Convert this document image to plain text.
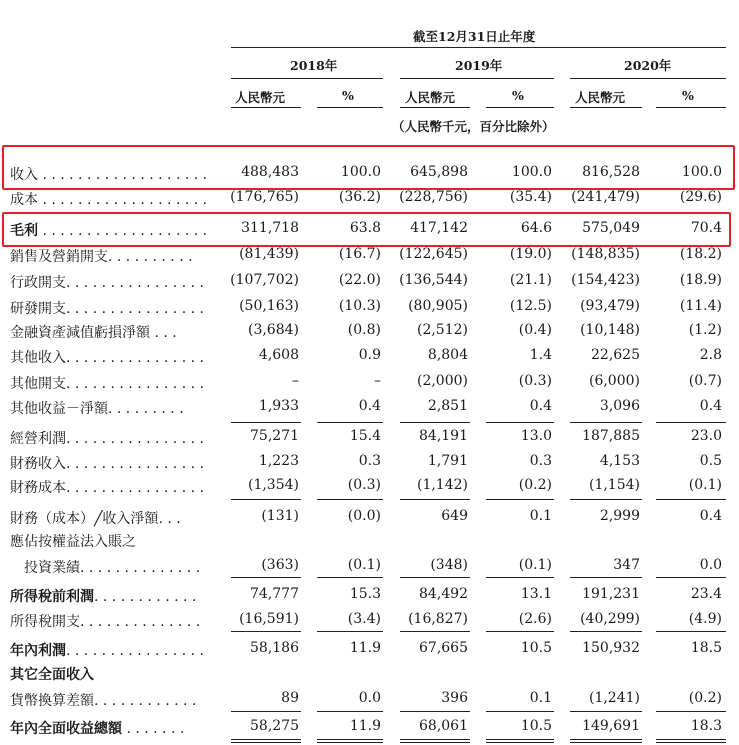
截至12月31日止年度
2018年	2019年	2020年
人民幣元	%	人民幣元	%	人民幣元	%
（人民幣千元，百分比除外）
收入 . . . . . . . . . . . . . . . . . . .	488,483	100.0 645,898	100.0 816,528	100.0
成本 . . . . . . . . . . . . . . . . . . .	(176,765)	(36.2) (228,756)	(35.4) (241,479)	(29.6)
毛利 . . . . . . . . . . . . . . . . . . .	311,718	63.8 417,142	64.6 575,049	70.4
銷售及營銷開支. . . . . . . . . .	(81,439)	(16.7) (122,645)	(19.0) (148,835)	(18.2)
行政開支. . . . . . . . . . . . . . . .	(107,702)	(22.0) (136,544)	(21.1) (154,423)	(18.9)
研發開支. . . . . . . . . . . . . . . .	(50,163)	(10.3) (80,905)	(12.5) (93,479)	(11.4)
金融資產減值虧損淨額 . . .	(3,684)	(0.8)	(2,512)	(0.4) (10,148)	(1.2)
其他收入. . . . . . . . . . . . . . . .	4,608	0.9	8,804	1.4	22,625	2.8
其他開支. . . . . . . . . . . . . . . .	–	–	(2,000)	(0.3)	(6,000)	(0.7)
其他收益－淨額. . . . . . . . .	1,933	0.4	2,851	0.4	3,096	0.4
經營利潤. . . . . . . . . . . . . . . .	75,271	15.4	84,191	13.0 187,885	23.0
財務收入. . . . . . . . . . . . . . . .	1,223	0.3	1,791	0.3	4,153	0.5
財務成本. . . . . . . . . . . . . . . .	(1,354)	(0.3)	(1,142)	(0.2)	(1,154)	(0.1)
財務（成本）╱收入淨額. . .	(131)	(0.0)	649	0.1	2,999	0.4
應佔按權益法入賬之
　投資業績. . . . . . . . . . . . . .	(363)	(0.1)	(348)	(0.1)	347	0.0
所得稅前利潤. . . . . . . . . . . .	74,777	15.3	84,492	13.1 191,231	23.4
所得稅開支. . . . . . . . . . . . . .	(16,591)	(3.4) (16,827)	(2.6) (40,299)	(4.9)
年內利潤. . . . . . . . . . . . . . . .	58,186	11.9	67,665	10.5 150,932	18.5
其它全面收入
貨幣換算差額. . . . . . . . . . . .	89	0.0	396	0.1	(1,241)	(0.2)
年內全面收益總額 . . . . . . .	58,275	11.9	68,061	10.5 149,691	18.3
